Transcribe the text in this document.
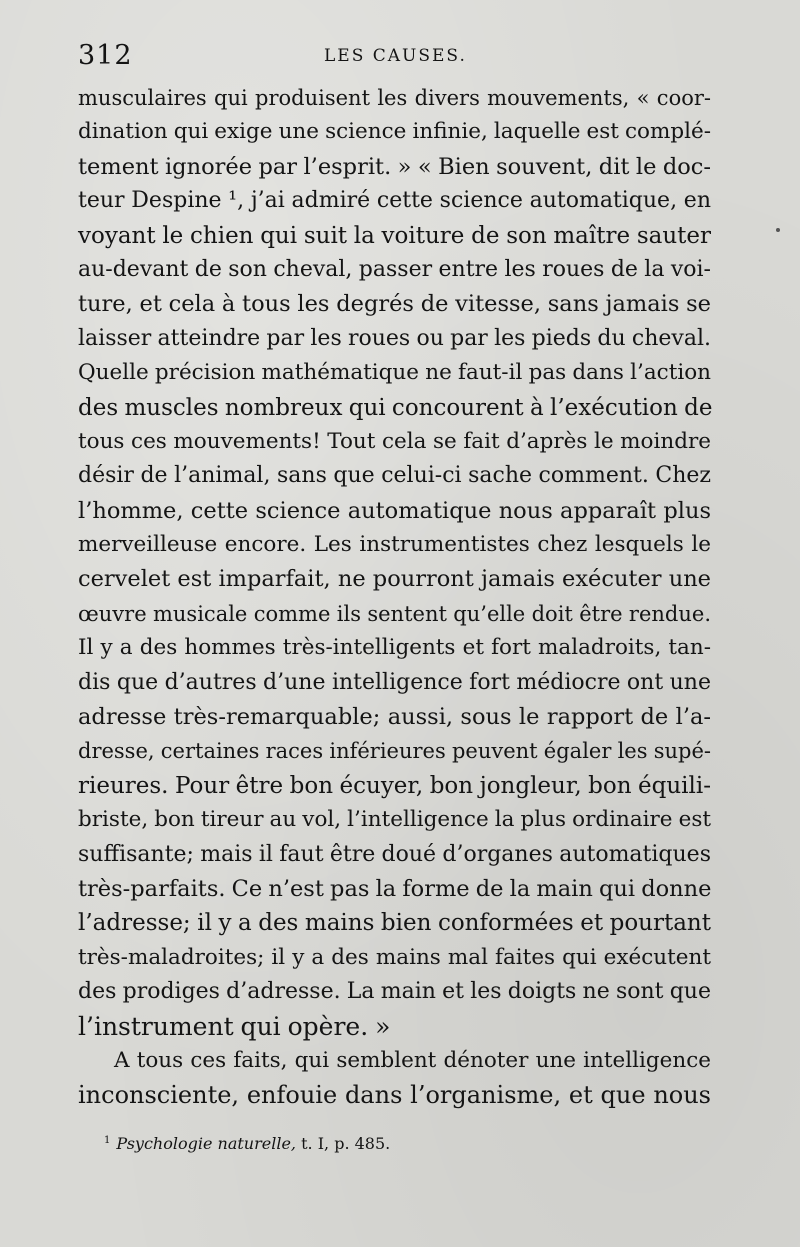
312	LES CAUSES.
musculaires qui produisent les divers mouvements, « coor-
dination qui exige une science infinie, laquelle est complé-
tement ignorée par l’esprit. » « Bien souvent, dit le doc-
teur Despine ¹, j’ai admiré cette science automatique, en
voyant le chien qui suit la voiture de son maître sauter
au-devant de son cheval, passer entre les roues de la voi-
ture, et cela à tous les degrés de vitesse, sans jamais se
laisser atteindre par les roues ou par les pieds du cheval.
Quelle précision mathématique ne faut-il pas dans l’action
des muscles nombreux qui concourent à l’exécution de
tous ces mouvements! Tout cela se fait d’après le moindre
désir de l’animal, sans que celui-ci sache comment. Chez
l’homme, cette science automatique nous apparaît plus
merveilleuse encore. Les instrumentistes chez lesquels le
cervelet est imparfait, ne pourront jamais exécuter une
œuvre musicale comme ils sentent qu’elle doit être rendue.
Il y a des hommes très-intelligents et fort maladroits, tan-
dis que d’autres d’une intelligence fort médiocre ont une
adresse très-remarquable; aussi, sous le rapport de l’a-
dresse, certaines races inférieures peuvent égaler les supé-
rieures. Pour être bon écuyer, bon jongleur, bon équili-
briste, bon tireur au vol, l’intelligence la plus ordinaire est
suffisante; mais il faut être doué d’organes automatiques
très-parfaits. Ce n’est pas la forme de la main qui donne
l’adresse; il y a des mains bien conformées et pourtant
très-maladroites; il y a des mains mal faites qui exécutent
des prodiges d’adresse. La main et les doigts ne sont que
l’instrument qui opère. »
A tous ces faits, qui semblent dénoter une intelligence
inconsciente, enfouie dans l’organisme, et que nous
$^1$ Psychologie naturelle, t. I, p. 485.
